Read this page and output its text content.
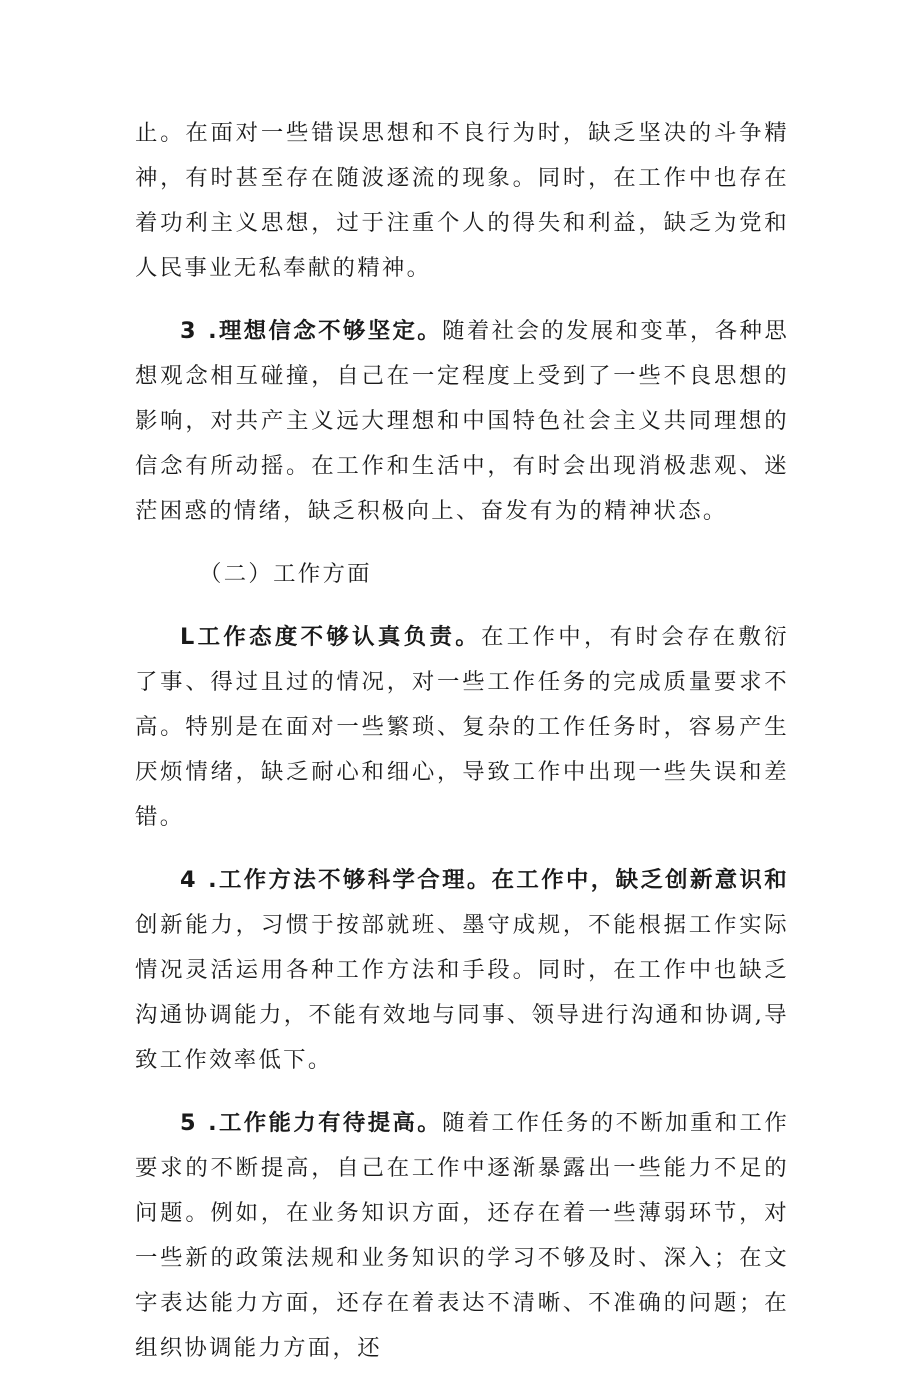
止。在面对一些错误思想和不良行为时，缺乏坚决的斗争精神，有时甚至存在随波逐流的现象。同时，在工作中也存在着功利主义思想，过于注重个人的得失和利益，缺乏为党和人民事业无私奉献的精神。

3 .理想信念不够坚定。随着社会的发展和变革，各种思想观念相互碰撞，自己在一定程度上受到了一些不良思想的影响，对共产主义远大理想和中国特色社会主义共同理想的信念有所动摇。在工作和生活中，有时会出现消极悲观、迷茫困惑的情绪，缺乏积极向上、奋发有为的精神状态。

（二）工作方面

L工作态度不够认真负责。在工作中，有时会存在敷衍了事、得过且过的情况，对一些工作任务的完成质量要求不高。特别是在面对一些繁琐、复杂的工作任务时，容易产生厌烦情绪，缺乏耐心和细心，导致工作中出现一些失误和差错。

4 .工作方法不够科学合理。在工作中，缺乏创新意识和创新能力，习惯于按部就班、墨守成规，不能根据工作实际情况灵活运用各种工作方法和手段。同时，在工作中也缺乏沟通协调能力，不能有效地与同事、领导进行沟通和协调,导致工作效率低下。

5 .工作能力有待提高。随着工作任务的不断加重和工作要求的不断提高，自己在工作中逐渐暴露出一些能力不足的问题。例如，在业务知识方面，还存在着一些薄弱环节，对一些新的政策法规和业务知识的学习不够及时、深入；在文字表达能力方面，还存在着表达不清晰、不准确的问题；在组织协调能力方面，还
